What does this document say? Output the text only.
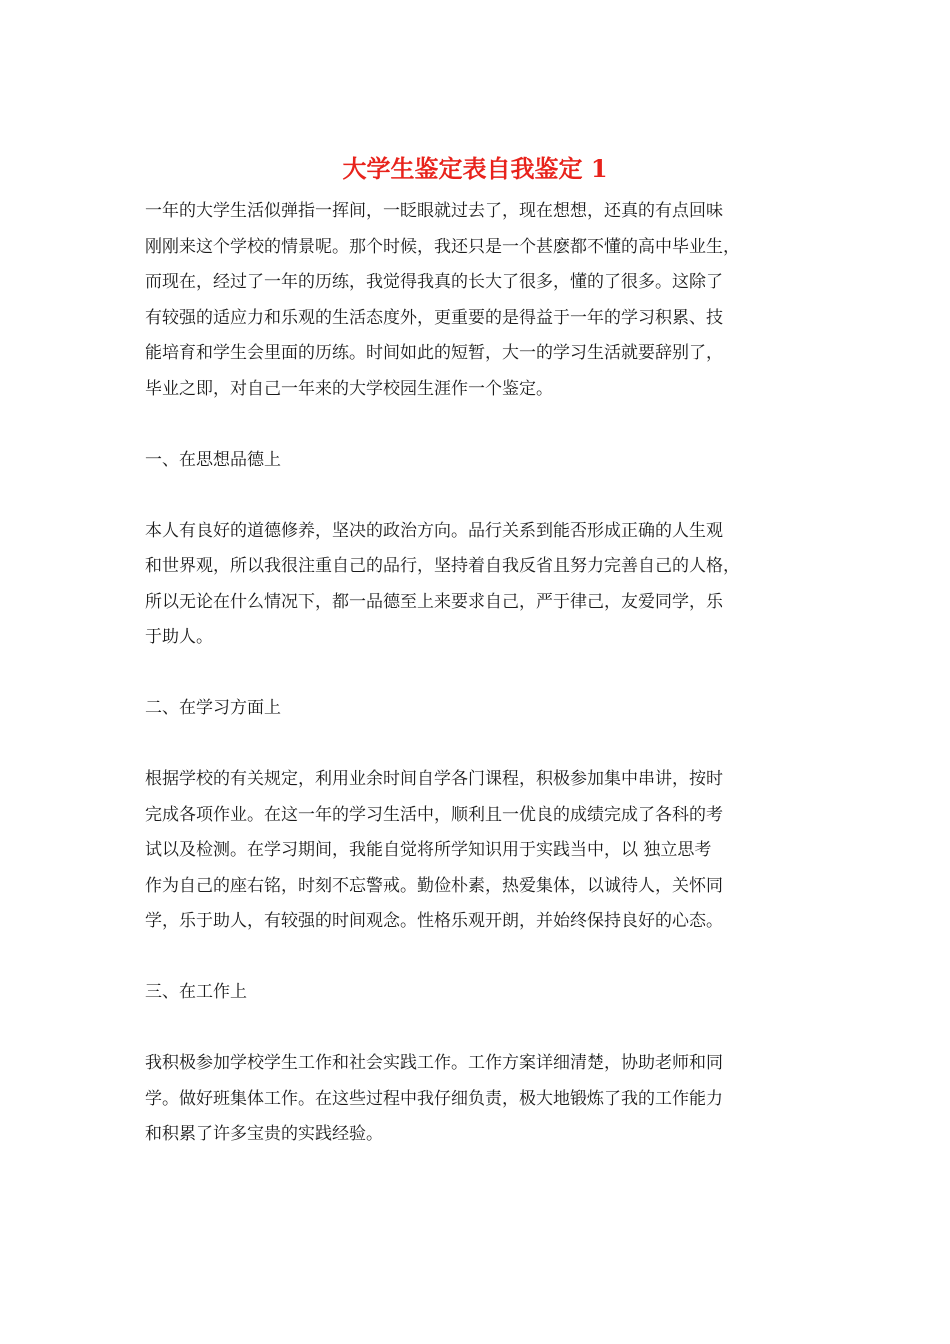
大学生鉴定表自我鉴定 1

一年的大学生活似弹指一挥间，一眨眼就过去了，现在想想，还真的有点回味
刚刚来这个学校的情景呢。那个时候，我还只是一个甚麽都不懂的高中毕业生，
而现在，经过了一年的历练，我觉得我真的长大了很多，懂的了很多。这除了
有较强的适应力和乐观的生活态度外，更重要的是得益于一年的学习积累、技
能培育和学生会里面的历练。时间如此的短暂，大一的学习生活就要辞别了，
毕业之即，对自己一年来的大学校园生涯作一个鉴定。

一、在思想品德上

本人有良好的道德修养，坚决的政治方向。品行关系到能否形成正确的人生观
和世界观，所以我很注重自己的品行，坚持着自我反省且努力完善自己的人格，
所以无论在什么情况下，都一品德至上来要求自己，严于律己，友爱同学，乐
于助人。

二、在学习方面上

根据学校的有关规定，利用业余时间自学各门课程，积极参加集中串讲，按时
完成各项作业。在这一年的学习生活中，顺利且一优良的成绩完成了各科的考
试以及检测。在学习期间，我能自觉将所学知识用于实践当中，以 独立思考
作为自己的座右铭，时刻不忘警戒。勤俭朴素，热爱集体，以诚待人，关怀同
学，乐于助人，有较强的时间观念。性格乐观开朗，并始终保持良好的心态。

三、在工作上

我积极参加学校学生工作和社会实践工作。工作方案详细清楚，协助老师和同
学。做好班集体工作。在这些过程中我仔细负责，极大地锻炼了我的工作能力
和积累了许多宝贵的实践经验。
